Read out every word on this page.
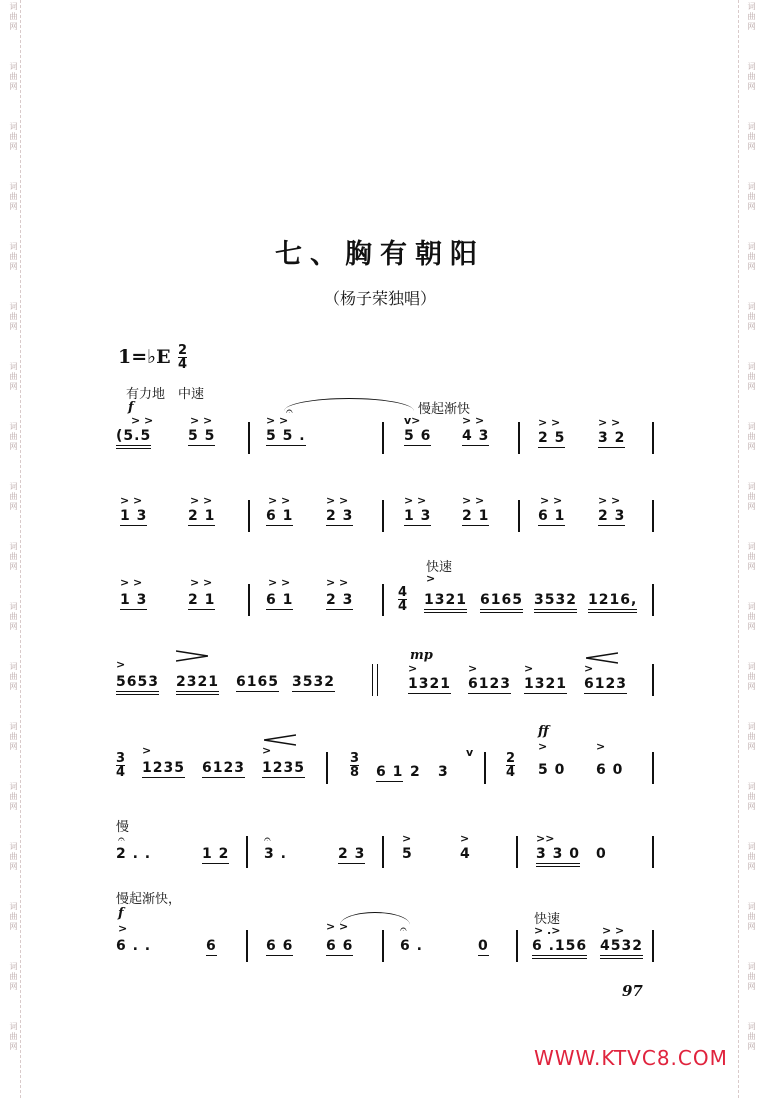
词曲网	词曲网
词曲网	词曲网
词曲网	词曲网
词曲网	词曲网
词曲网	词曲网
词曲网	词曲网
词曲网	词曲网
词曲网	词曲网
词曲网	词曲网
词曲网	词曲网
词曲网	词曲网
词曲网	词曲网
词曲网	词曲网
词曲网	词曲网
词曲网	词曲网
词曲网	词曲网
词曲网	词曲网
词曲网	词曲网
七、胸有朝阳
（杨子荣独唱）
1=♭E 2
4
有力地　中速
f
> >	> >	> >
𝄐	慢起渐快
v>	> >	> >	> >
(5.5	5 5	5 5 .	5 6 4 3	2 5 3 2
> >	> >	> >	> >	> >	> >	> >	> >
1 3	2 1	6 1 2 3	1 3 2 1	6 1 2 3
快速
> >	> >	> >	> >	>
1 3	2 1	6 1 2 3	4
4 1321 6165 3532 1216,
mp
>	>	>	>	>
5653 2321 6165 3532	1321 6123 1321 6123
3
4
>	>
ff
>	>
v
1235 6123 1235
3
8 6 1 2 3
2
4 5 0 6 0
慢
𝄐	𝄐	>	>	>>
2 . .	1 2 3 .	2 3	5	4	3 3 0 0
慢起渐快，
f
>	> >	𝄐
快速
> .>	> >
6 . .	6	6 6 6 6	6 .	0	6 .156 4532
97
WWW.KTVC8.COM
